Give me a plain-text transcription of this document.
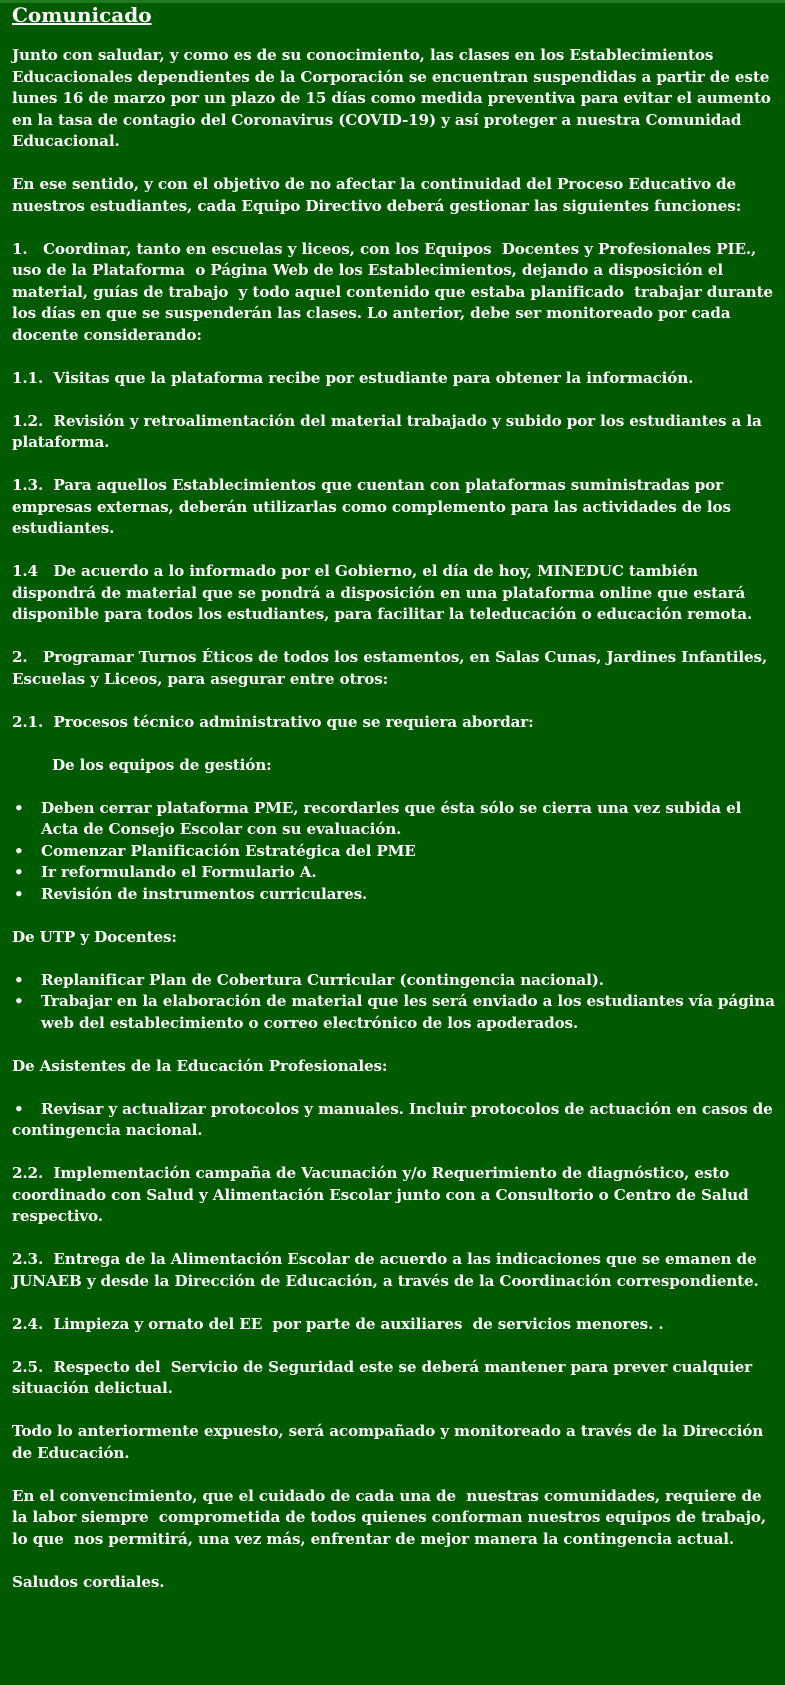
Comunicado
Junto con saludar, y como es de su conocimiento, las clases en los Establecimientos Educacionales dependientes de la Corporación se encuentran suspendidas a partir de este lunes 16 de marzo por un plazo de 15 días como medida preventiva para evitar el aumento en la tasa de contagio del Coronavirus (COVID-19) y así proteger a nuestra Comunidad Educacional.
En ese sentido, y con el objetivo de no afectar la continuidad del Proceso Educativo de nuestros estudiantes, cada Equipo Directivo deberá gestionar las siguientes funciones:
1.   Coordinar, tanto en escuelas y liceos, con los Equipos  Docentes y Profesionales PIE., uso de la Plataforma  o Página Web de los Establecimientos, dejando a disposición el material, guías de trabajo  y todo aquel contenido que estaba planificado  trabajar durante los días en que se suspenderán las clases. Lo anterior, debe ser monitoreado por cada docente considerando:
1.1.  Visitas que la plataforma recibe por estudiante para obtener la información.
1.2.  Revisión y retroalimentación del material trabajado y subido por los estudiantes a la plataforma.
1.3.  Para aquellos Establecimientos que cuentan con plataformas suministradas por empresas externas, deberán utilizarlas como complemento para las actividades de los estudiantes.
1.4   De acuerdo a lo informado por el Gobierno, el día de hoy, MINEDUC también dispondrá de material que se pondrá a disposición en una plataforma online que estará disponible para todos los estudiantes, para facilitar la teleducación o educación remota.
2.   Programar Turnos Éticos de todos los estamentos, en Salas Cunas, Jardines Infantiles, Escuelas y Liceos, para asegurar entre otros:
2.1.  Procesos técnico administrativo que se requiera abordar:
De los equipos de gestión:
• Deben cerrar plataforma PME, recordarles que ésta sólo se cierra una vez subida el Acta de Consejo Escolar con su evaluación.
• Comenzar Planificación Estratégica del PME
• Ir reformulando el Formulario A.
• Revisión de instrumentos curriculares.
De UTP y Docentes:
• Replanificar Plan de Cobertura Curricular (contingencia nacional).
• Trabajar en la elaboración de material que les será enviado a los estudiantes vía página web del establecimiento o correo electrónico de los apoderados.
De Asistentes de la Educación Profesionales:
• Revisar y actualizar protocolos y manuales. Incluir protocolos de actuación en casos de contingencia nacional.
2.2.  Implementación campaña de Vacunación y/o Requerimiento de diagnóstico, esto coordinado con Salud y Alimentación Escolar junto con a Consultorio o Centro de Salud respectivo.
2.3.  Entrega de la Alimentación Escolar de acuerdo a las indicaciones que se emanen de JUNAEB y desde la Dirección de Educación, a través de la Coordinación correspondiente.
2.4.  Limpieza y ornato del EE  por parte de auxiliares  de servicios menores. .
2.5.  Respecto del  Servicio de Seguridad este se deberá mantener para prever cualquier situación delictual.
Todo lo anteriormente expuesto, será acompañado y monitoreado a través de la Dirección de Educación.
En el convencimiento, que el cuidado de cada una de  nuestras comunidades, requiere de la labor siempre  comprometida de todos quienes conforman nuestros equipos de trabajo, lo que  nos permitirá, una vez más, enfrentar de mejor manera la contingencia actual.
Saludos cordiales.
